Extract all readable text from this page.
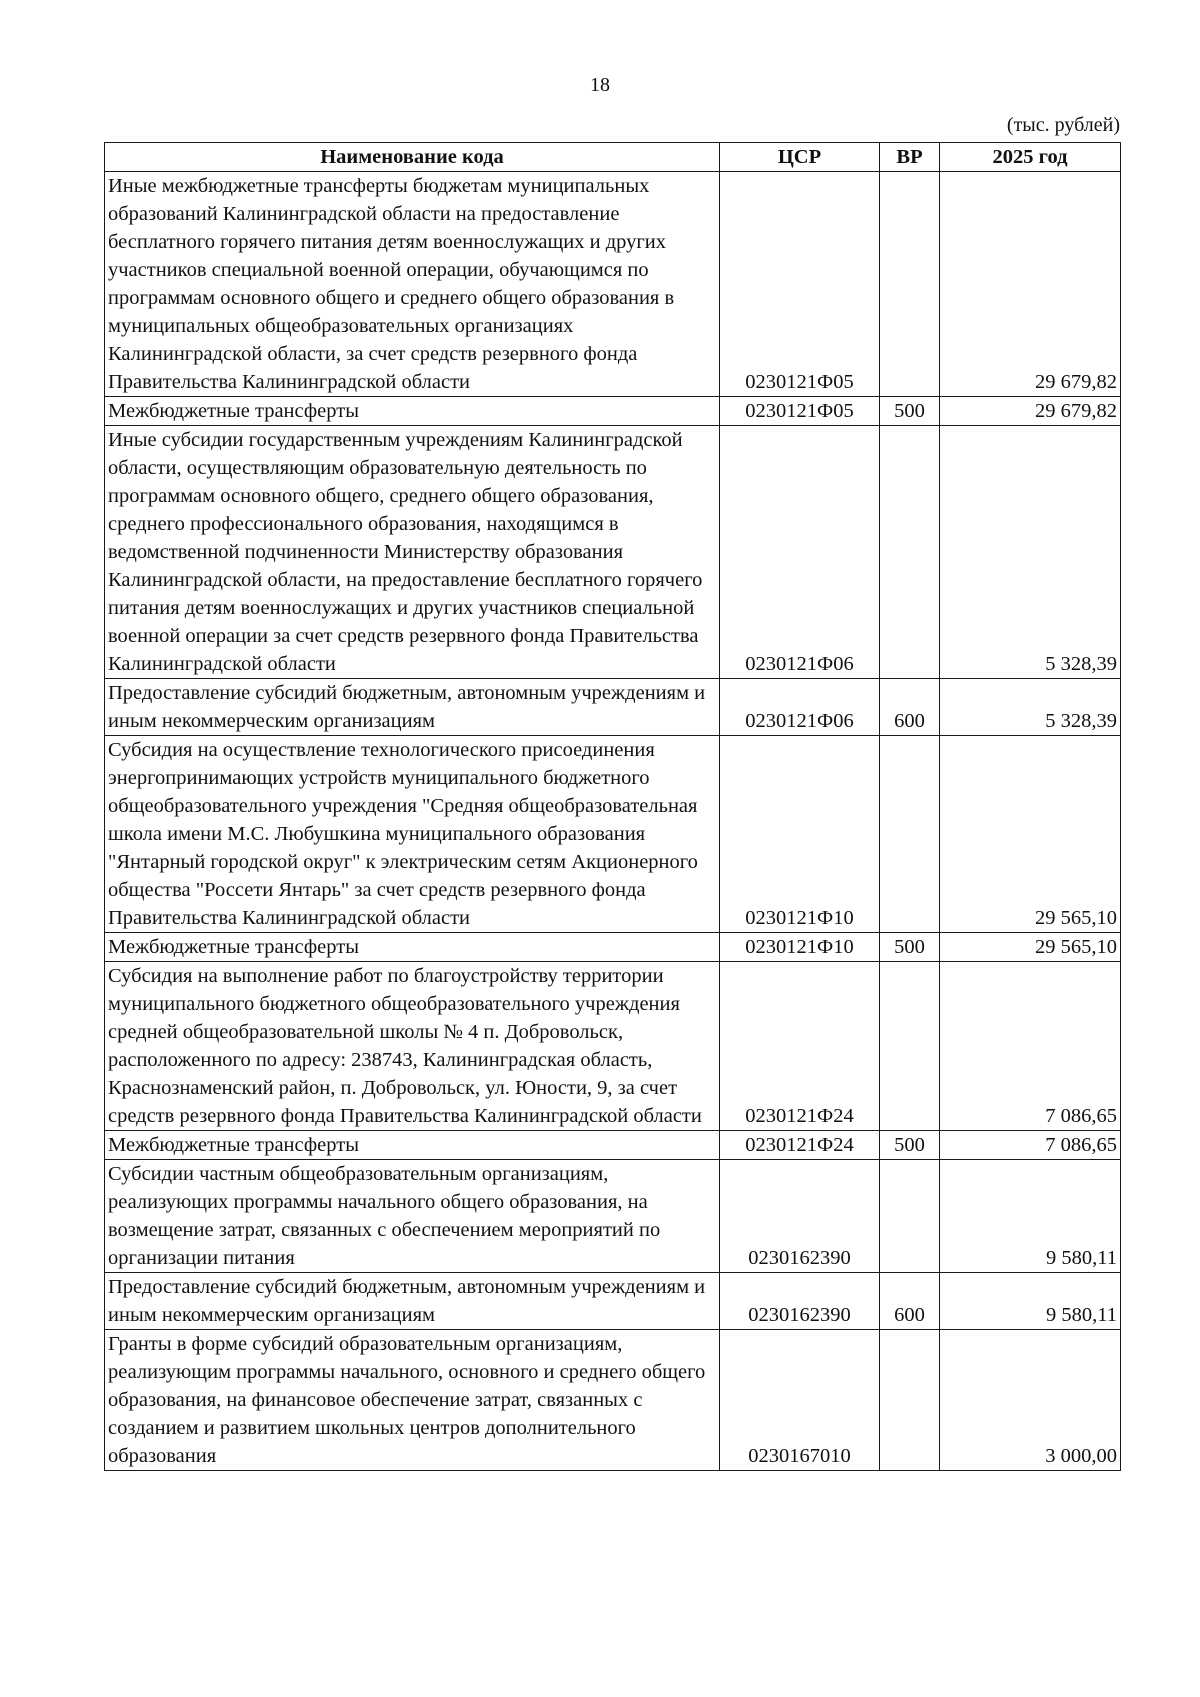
18
(тыс. рублей)
Наименование кода	ЦСР	ВР	2025 год
Иные межбюджетные трансферты бюджетам муниципальных образований Калининградской области на предоставление бесплатного горячего питания детям военнослужащих и других участников специальной военной операции, обучающимся по программам основного общего и среднего общего образования в муниципальных общеобразовательных организациях Калининградской области, за счет средств резервного фонда Правительства Калининградской области	0230121Ф05		29 679,82
Межбюджетные трансферты	0230121Ф05	500	29 679,82
Иные субсидии государственным учреждениям Калининградской области, осуществляющим образовательную деятельность по программам основного общего, среднего общего образования, среднего профессионального образования, находящимся в ведомственной подчиненности Министерству образования Калининградской области, на предоставление бесплатного горячего питания детям военнослужащих и других участников специальной военной операции за счет средств резервного фонда Правительства Калининградской области	0230121Ф06		5 328,39
Предоставление субсидий бюджетным, автономным учреждениям и иным некоммерческим организациям	0230121Ф06	600	5 328,39
Субсидия на осуществление технологического присоединения энергопринимающих устройств муниципального бюджетного общеобразовательного учреждения "Средняя общеобразовательная школа имени М.С. Любушкина муниципального образования "Янтарный городской округ" к электрическим сетям Акционерного общества "Россети Янтарь" за счет средств резервного фонда Правительства Калининградской области	0230121Ф10		29 565,10
Межбюджетные трансферты	0230121Ф10	500	29 565,10
Субсидия на выполнение работ по благоустройству территории муниципального бюджетного общеобразовательного учреждения средней общеобразовательной школы № 4 п. Добровольск, расположенного по адресу: 238743, Калининградская область, Краснознаменский район, п. Добровольск, ул. Юности, 9, за счет средств резервного фонда Правительства Калининградской области	0230121Ф24		7 086,65
Межбюджетные трансферты	0230121Ф24	500	7 086,65
Субсидии частным общеобразовательным организациям, реализующих программы начального общего образования, на возмещение затрат, связанных с обеспечением мероприятий по организации питания	0230162390		9 580,11
Предоставление субсидий бюджетным, автономным учреждениям и иным некоммерческим организациям	0230162390	600	9 580,11
Гранты в форме субсидий образовательным организациям, реализующим программы начального, основного и среднего общего образования, на финансовое обеспечение затрат, связанных с созданием и развитием школьных центров дополнительного образования	0230167010		3 000,00
